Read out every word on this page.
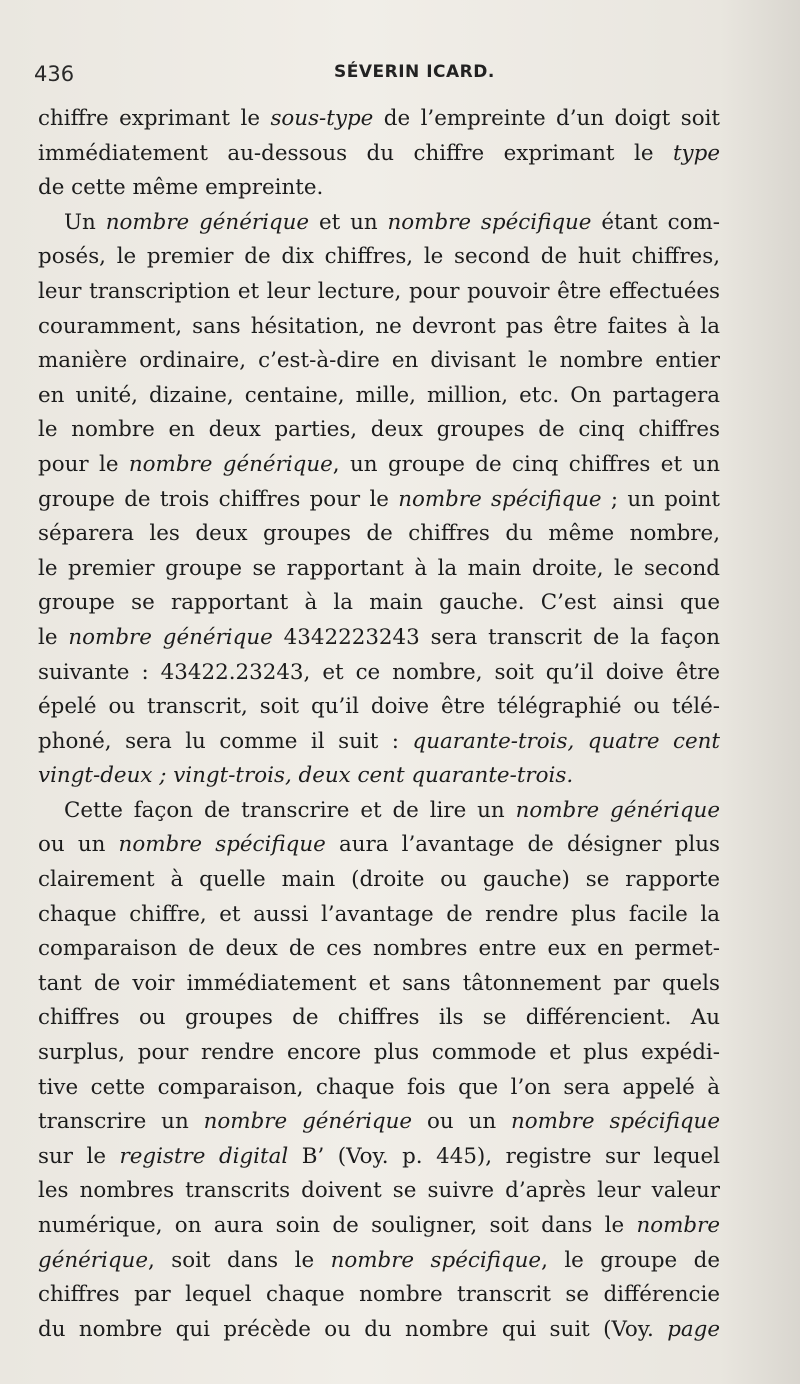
436	SÉVERIN ICARD.
chiffre exprimant le sous-type de l’empreinte d’un doigt soit
immédiatement au-dessous du chiffre exprimant le type
de cette même empreinte.
Un nombre générique et un nombre spécifique étant com-
posés, le premier de dix chiffres, le second de huit chiffres,
leur transcription et leur lecture, pour pouvoir être effectuées
couramment, sans hésitation, ne devront pas être faites à la
manière ordinaire, c’est-à-dire en divisant le nombre entier
en unité, dizaine, centaine, mille, million, etc. On partagera
le nombre en deux parties, deux groupes de cinq chiffres
pour le nombre générique, un groupe de cinq chiffres et un
groupe de trois chiffres pour le nombre spécifique ; un point
séparera les deux groupes de chiffres du même nombre,
le premier groupe se rapportant à la main droite, le second
groupe se rapportant à la main gauche. C’est ainsi que
le nombre générique 4342223243 sera transcrit de la façon
suivante : 43422.23243, et ce nombre, soit qu’il doive être
épelé ou transcrit, soit qu’il doive être télégraphié ou télé-
phoné, sera lu comme il suit : quarante-trois, quatre cent
vingt-deux ; vingt-trois, deux cent quarante-trois.
Cette façon de transcrire et de lire un nombre générique
ou un nombre spécifique aura l’avantage de désigner plus
clairement à quelle main (droite ou gauche) se rapporte
chaque chiffre, et aussi l’avantage de rendre plus facile la
comparaison de deux de ces nombres entre eux en permet-
tant de voir immédiatement et sans tâtonnement par quels
chiffres ou groupes de chiffres ils se différencient. Au
surplus, pour rendre encore plus commode et plus expédi-
tive cette comparaison, chaque fois que l’on sera appelé à
transcrire un nombre générique ou un nombre spécifique
sur le registre digital B’ (Voy. p. 445), registre sur lequel
les nombres transcrits doivent se suivre d’après leur valeur
numérique, on aura soin de souligner, soit dans le nombre
générique, soit dans le nombre spécifique, le groupe de
chiffres par lequel chaque nombre transcrit se différencie
du nombre qui précède ou du nombre qui suit (Voy. page
